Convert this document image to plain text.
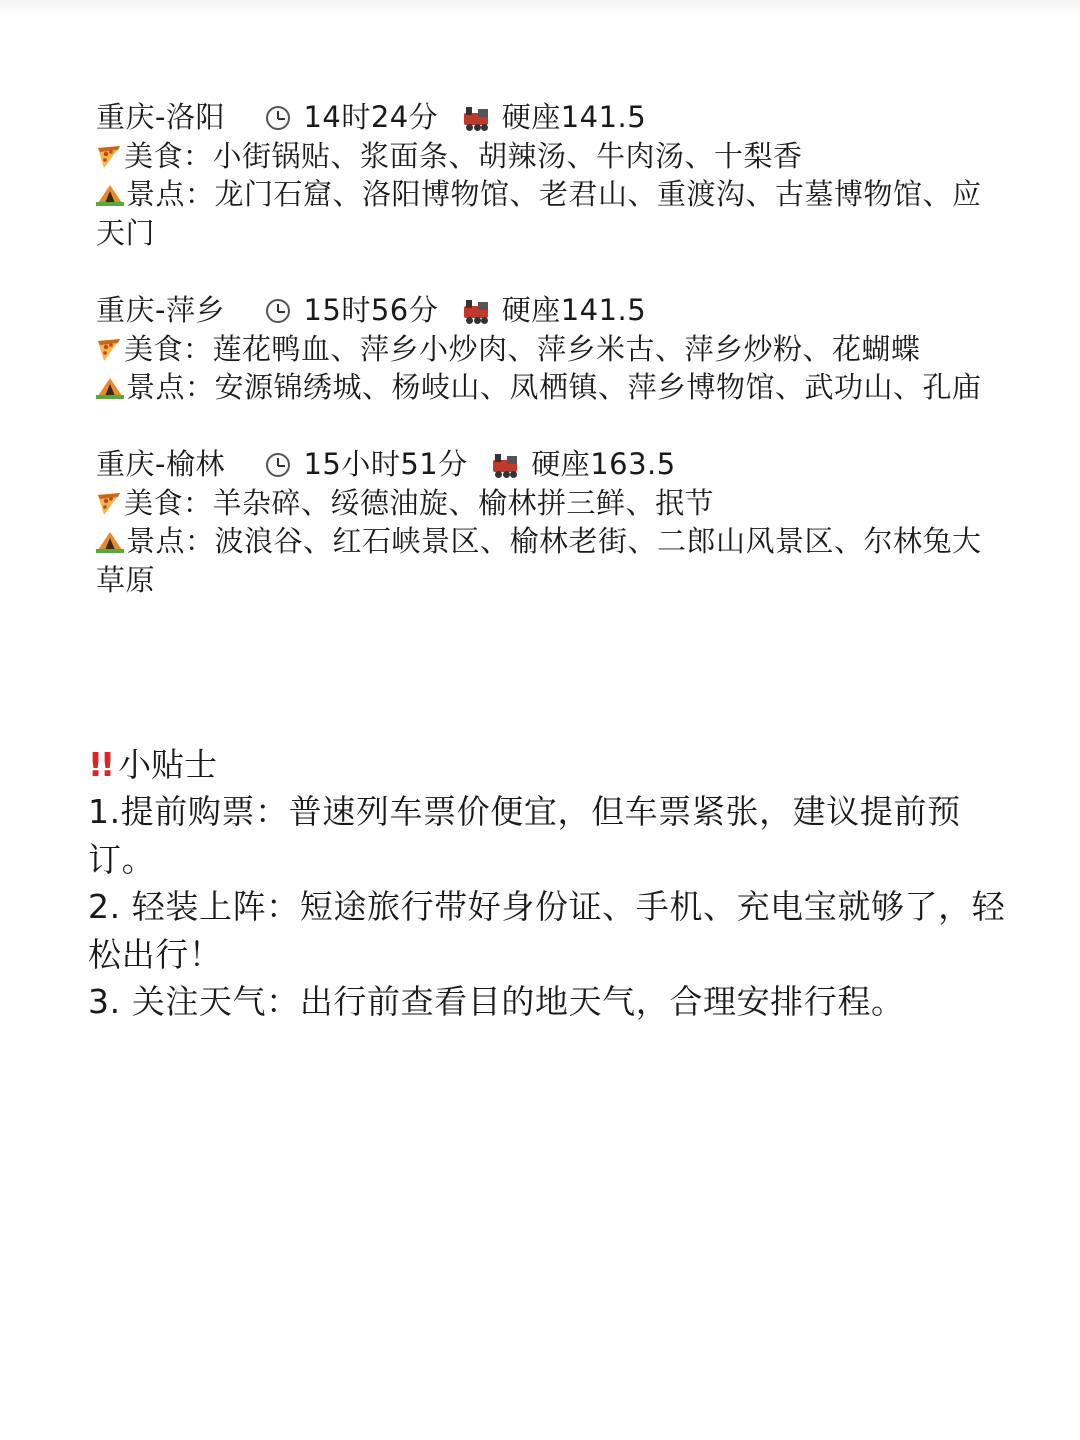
重庆-洛阳	14时24分 硬座141.5
美食：小街锅贴、浆面条、胡辣汤、牛肉汤、十梨香
景点：龙门石窟、洛阳博物馆、老君山、重渡沟、古墓博物馆、应天门
重庆-萍乡	15时56分 硬座141.5
美食：莲花鸭血、萍乡小炒肉、萍乡米古、萍乡炒粉、花蝴蝶
景点：安源锦绣城、杨岐山、凤栖镇、萍乡博物馆、武功山、孔庙
重庆-榆林	15小时51分 硬座163.5
美食：羊杂碎、绥德油旋、榆林拼三鲜、抿节
景点：波浪谷、红石峡景区、榆林老街、二郎山风景区、尔林兔大草原
!! 小贴士
1.提前购票：普速列车票价便宜，但车票紧张，建议提前预订。
2. 轻装上阵：短途旅行带好身份证、手机、充电宝就够了，轻松出行！
3. 关注天气：出行前查看目的地天气，合理安排行程。
